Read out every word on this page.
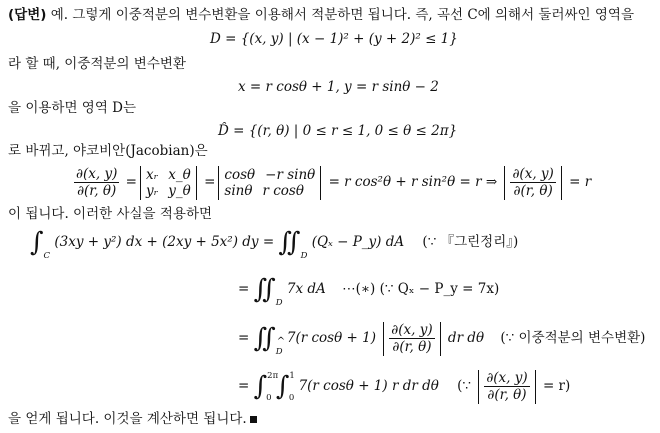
(답변) 예. 그렇게 이중적분의 변수변환을 이용해서 적분하면 됩니다. 즉, 곡선 C에 의해서 둘러싸인 영역을
D = {(x, y) | (x − 1)² + (y + 2)² ≤ 1}
라 할 때, 이중적분의 변수변환
x = r cosθ + 1, y = r sinθ − 2
을 이용하면 영역 D는
D̂ = {(r, θ) | 0 ≤ r ≤ 1, 0 ≤ θ ≤ 2π}
로 바뀌고, 야코비안(Jacobian)은
$\frac{\partial(x, y)}{\partial(r, \theta)}$ = xᵣ x_θ
yᵣ y_θ
= cosθ −r sinθ
sinθ r cosθ
= r cos²θ + r sin²θ = r ⇒ $\frac{\partial(x, y)}{\partial(r, \theta)} = r$
이 됩니다. 이러한 사실을 적용하면
$\int_C$ (3xy + y²) dx + (2xy + 5x²) dy = $∬_D$ (Qₓ − P_y) dA (∵ 『그린정리』)
= $∬_D$ 7x dA ⋯(∗) (∵ Qₓ − P_y = 7x)
= ∬^ D 7(r $\cos\theta + 1) \frac{\partial(x, y)}{\partial(r, \theta)}$ dr dθ (∵ 이중적분의 변수변환)
= ∫$^{2\pi}_0$ ∫$^1_0$ 7(r cosθ + 1) r dr dθ (∵ $\frac{\partial(x, y)}{\partial(r, \theta)} = r$)
을 얻게 됩니다. 이것을 계산하면 됩니다.
